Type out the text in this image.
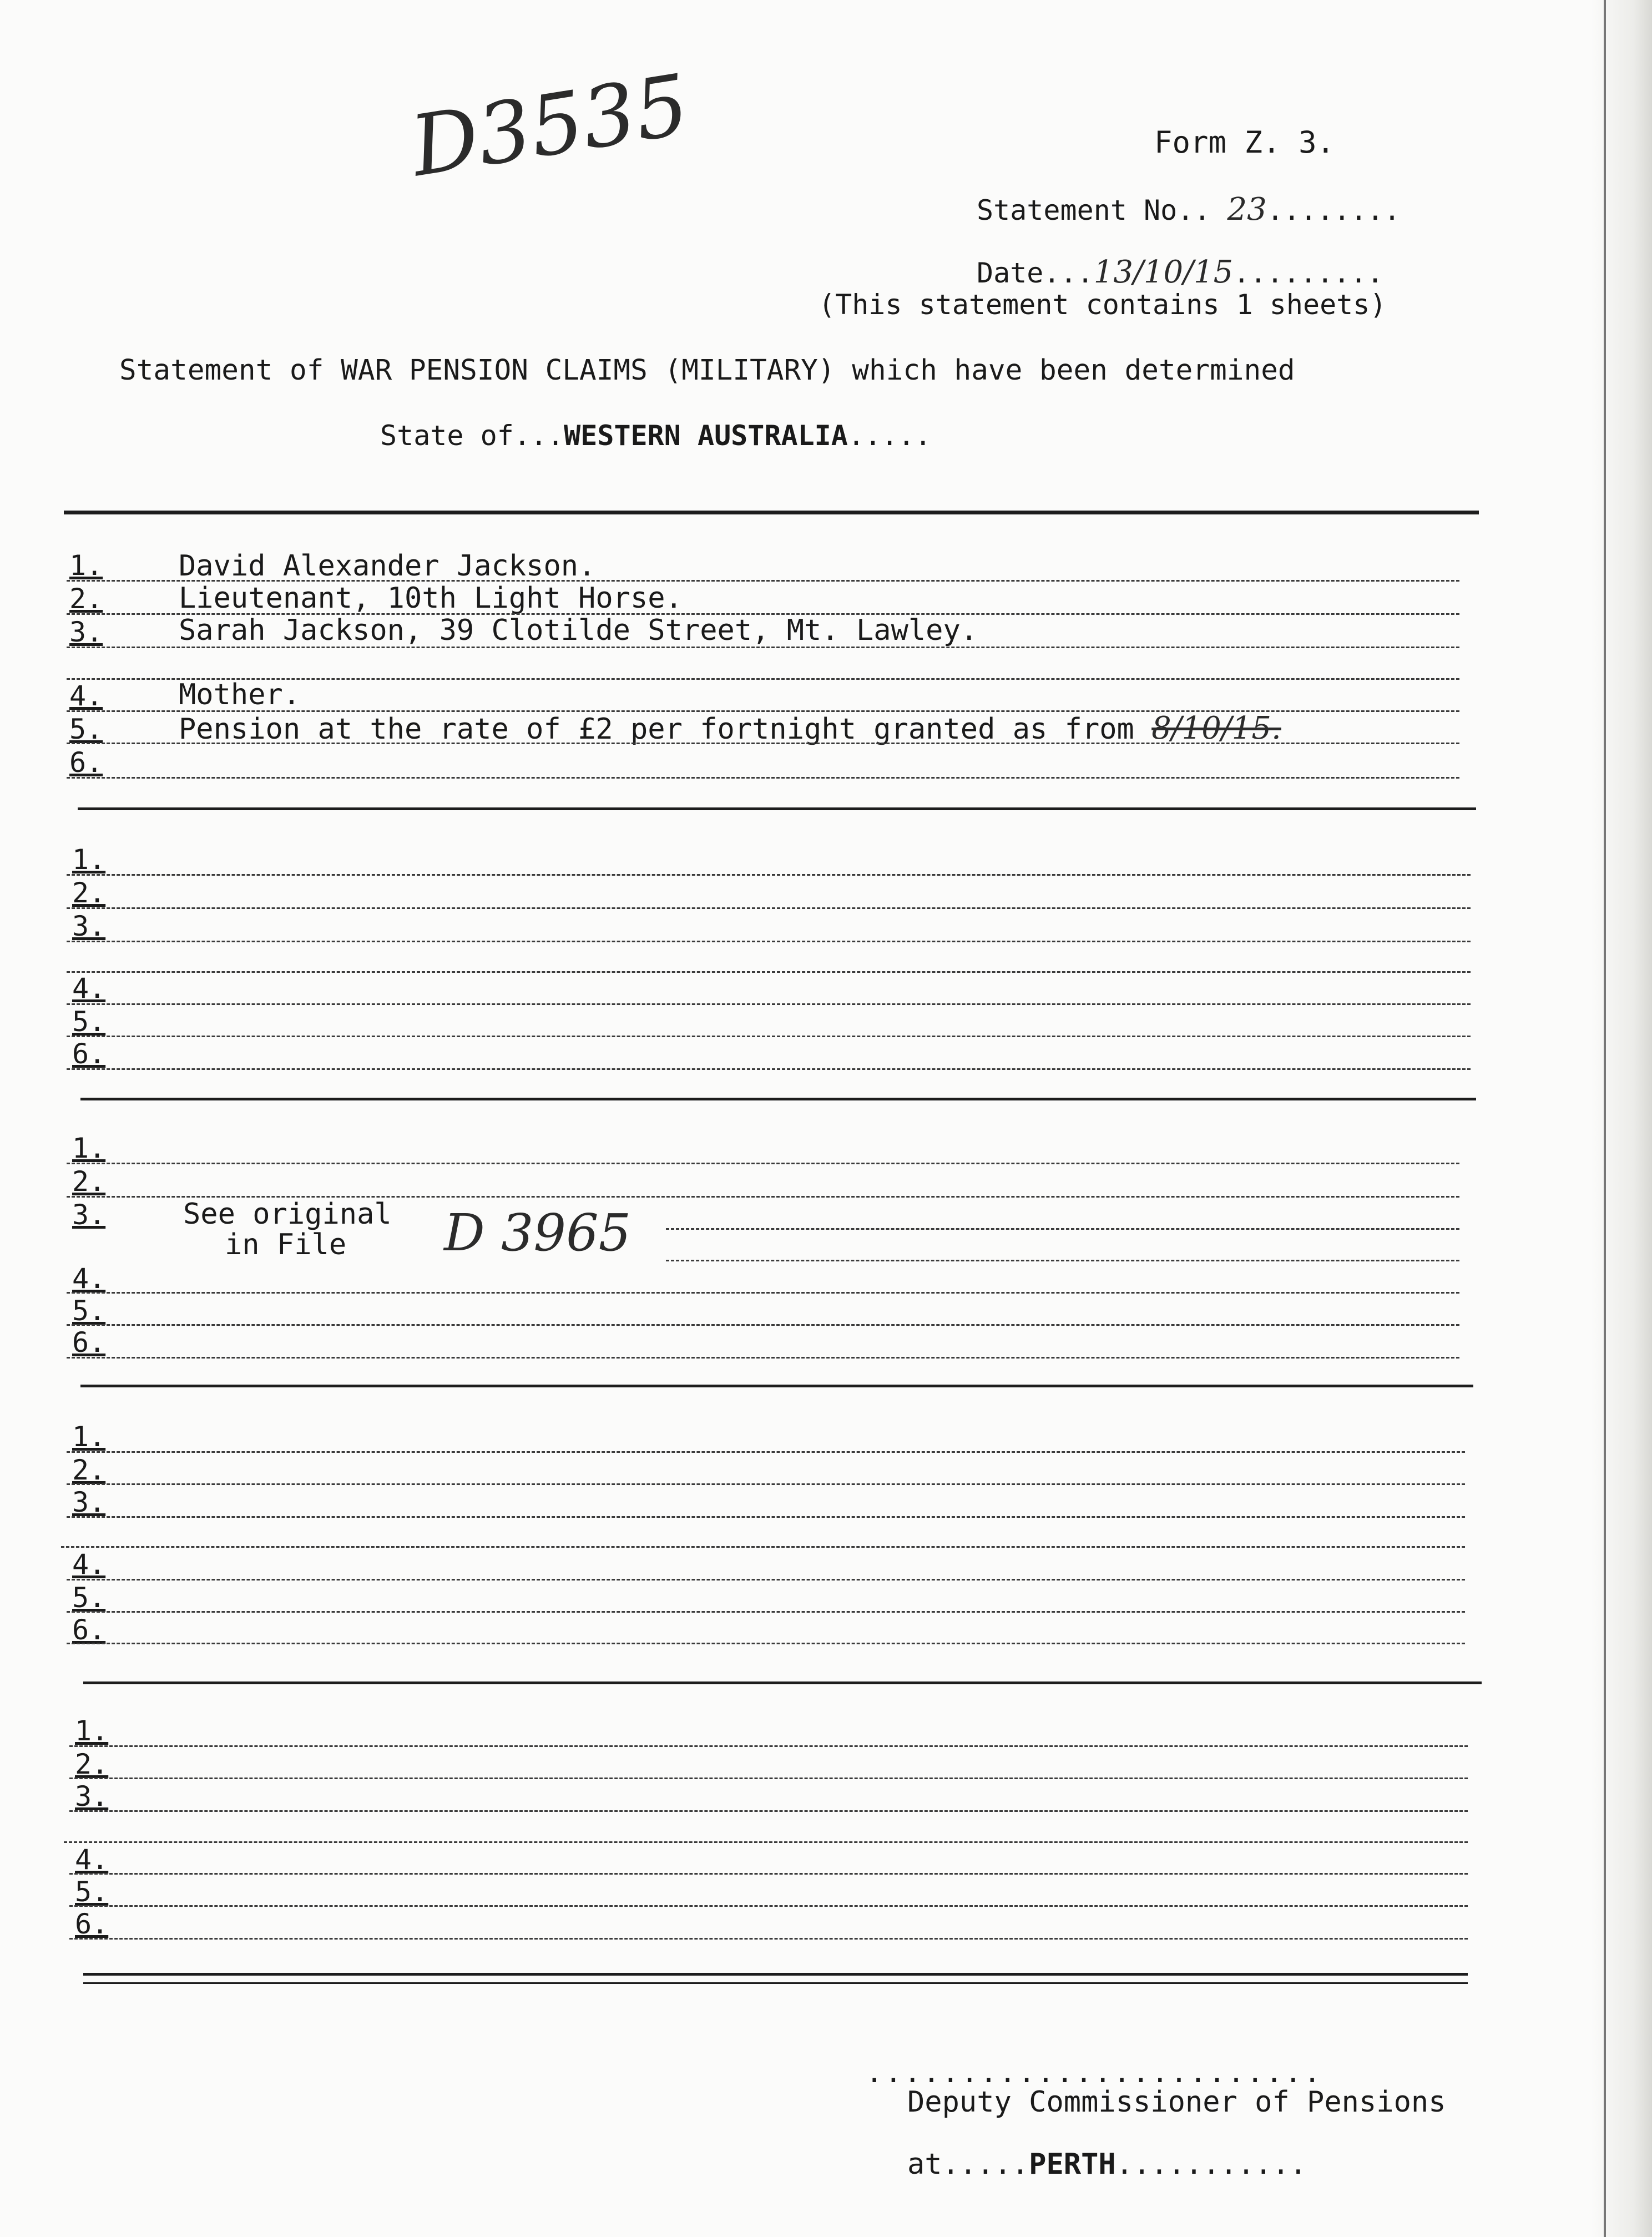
D3535	Form Z. 3.
Statement No.. 23........
Date...13/10/15.........
(This statement contains 1 sheets)
Statement of WAR PENSION CLAIMS (MILITARY) which have been determined
State of...WESTERN AUSTRALIA.....
1.
2.
3.
4.
5.
6.
David Alexander Jackson.
Lieutenant, 10th Light Horse.
Sarah Jackson, 39 Clotilde Street, Mt. Lawley.
Mother.
Pension at the rate of £2 per fortnight granted as from 8/10/15.
1.
2.
3.
4.
5.
6.
1.
2.
3.
4.
5.
6.
See original
in File D 3965
1.
2.
3.
4.
5.
6.
1.
2.
3.
4.
5.
6.
........................
Deputy Commissioner of Pensions
at.....PERTH...........
